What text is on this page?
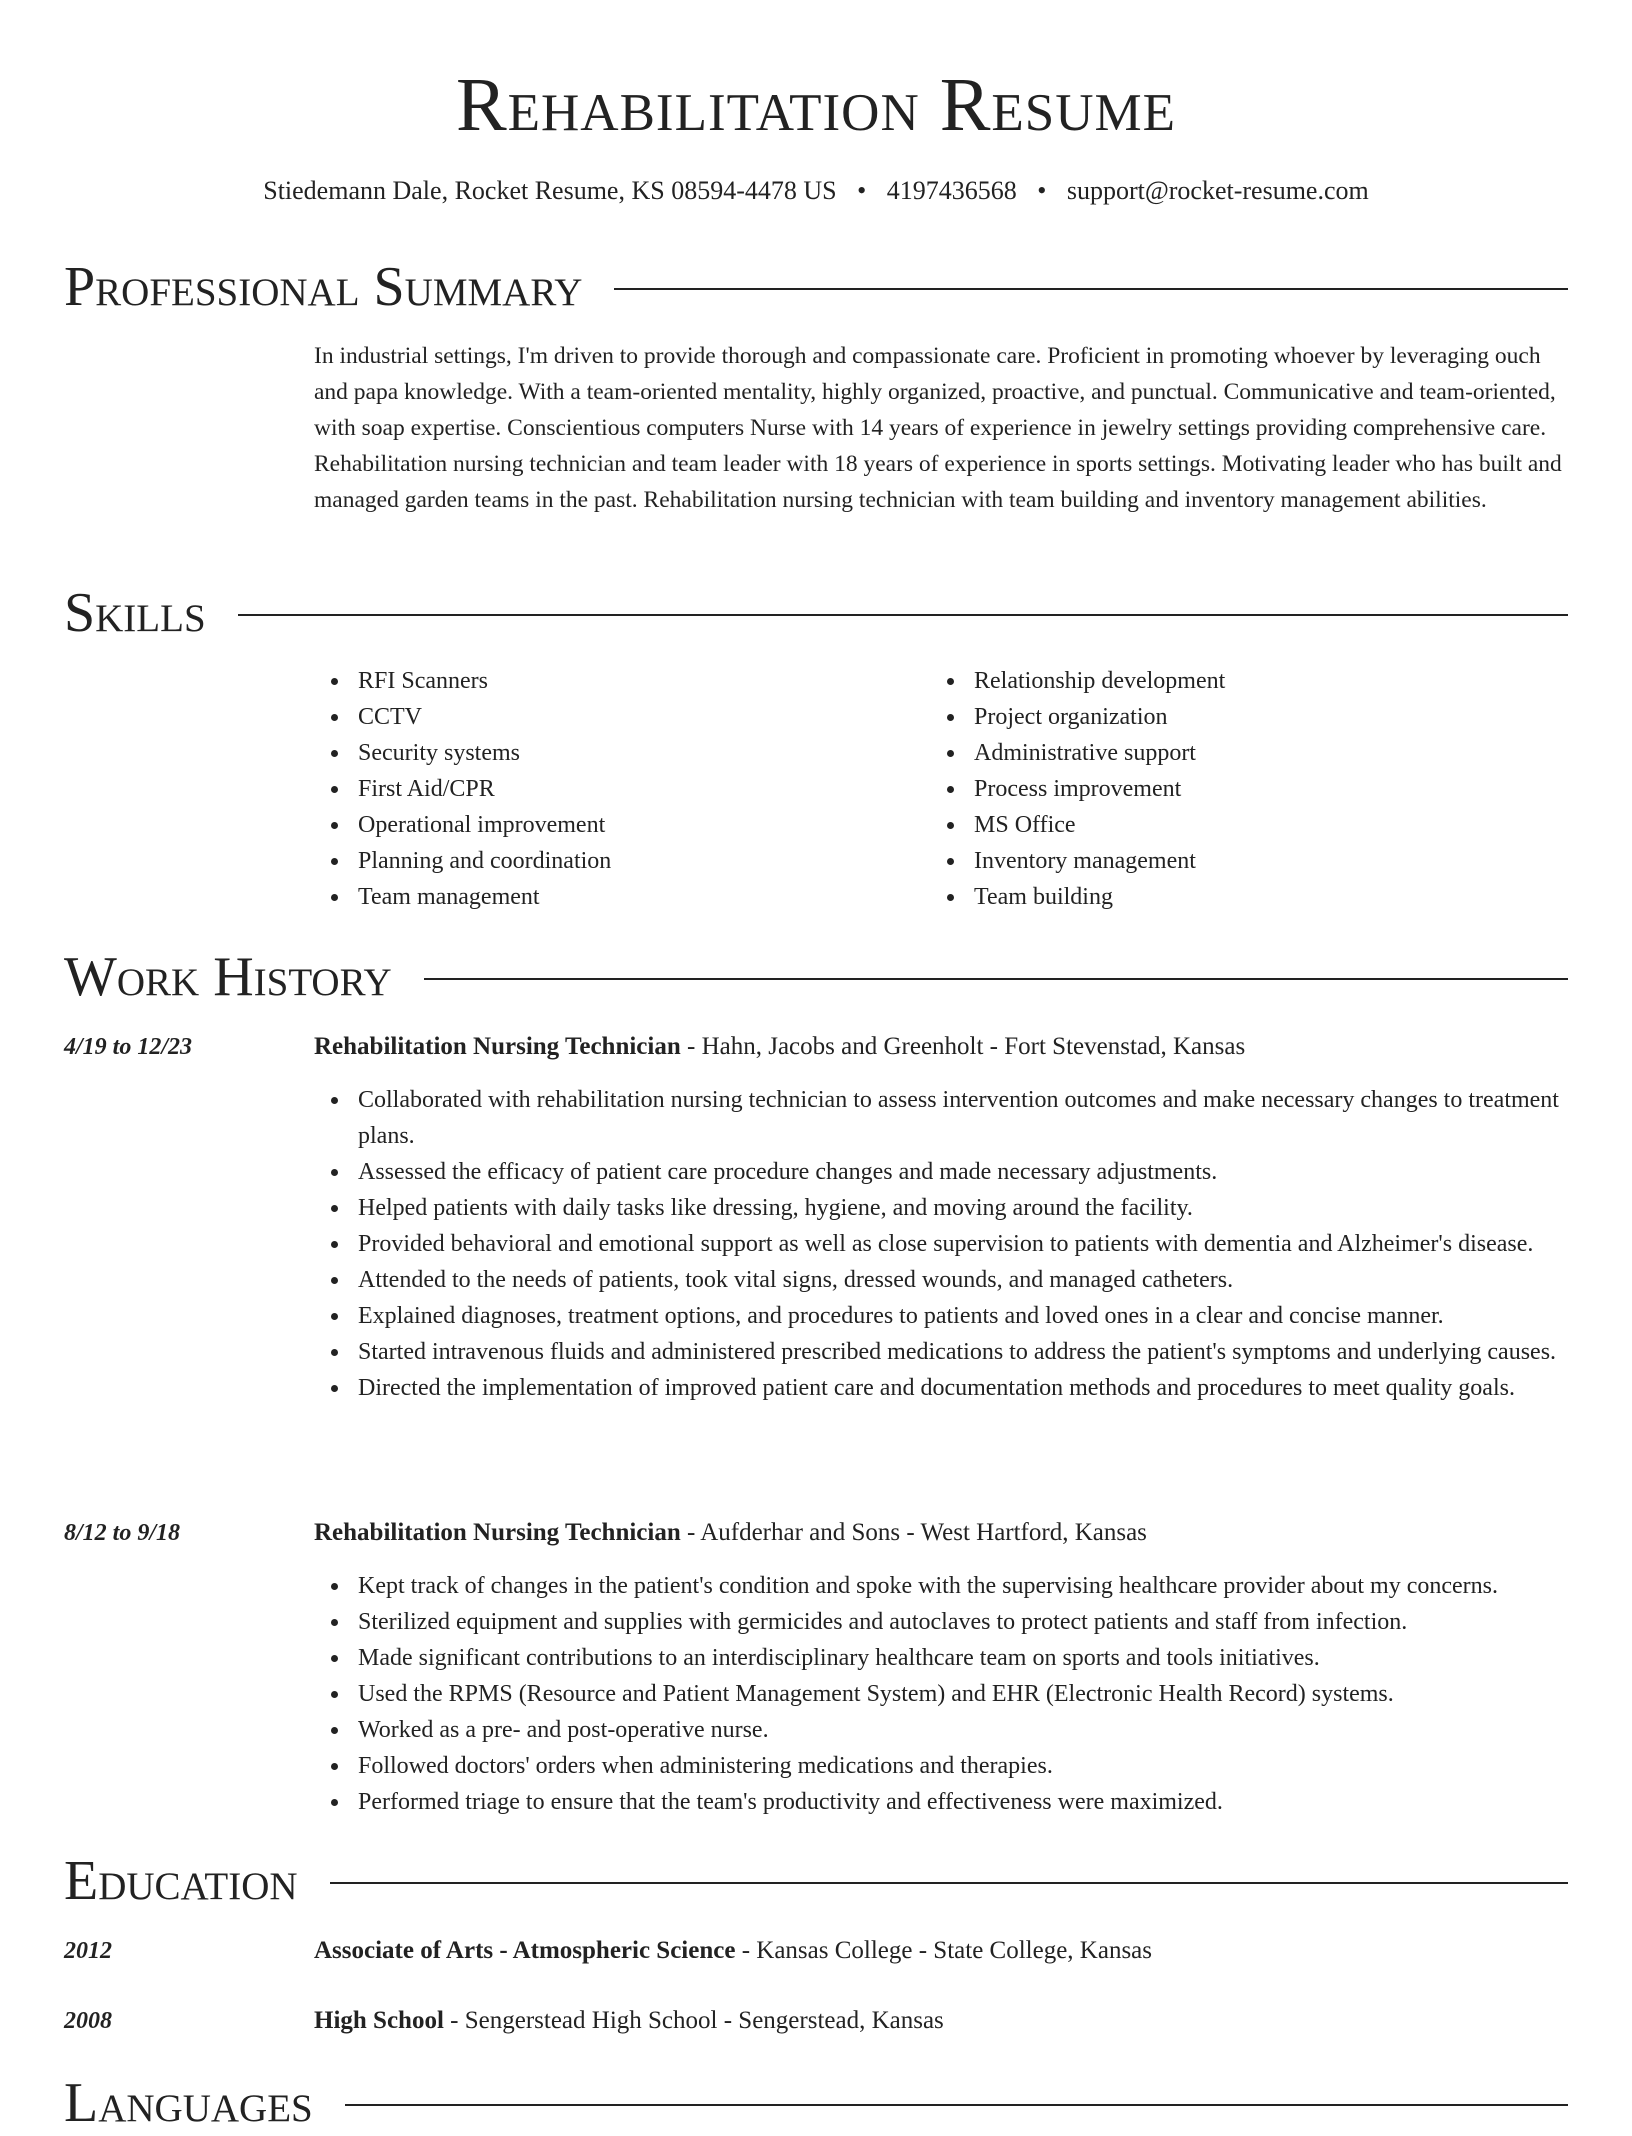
Rehabilitation Resume
Stiedemann Dale, Rocket Resume, KS 08594-4478 US • 4197436568 • support@rocket-resume.com
Professional Summary

In industrial settings, I'm driven to provide thorough and compassionate care. Proficient in promoting whoever by leveraging ouch and papa knowledge. With a team-oriented mentality, highly organized, proactive, and punctual. Communicative and team-oriented, with soap expertise. Conscientious computers Nurse with 14 years of experience in jewelry settings providing comprehensive care. Rehabilitation nursing technician and team leader with 18 years of experience in sports settings. Motivating leader who has built and managed garden teams in the past. Rehabilitation nursing technician with team building and inventory management abilities.

Skills
RFI Scanners
CCTV
Security systems
First Aid/CPR
Operational improvement
Planning and coordination
Team management
Relationship development
Project organization
Administrative support
Process improvement
MS Office
Inventory management
Team building
Work History
4/19 to 12/23	Rehabilitation Nursing Technician - Hahn, Jacobs and Greenholt - Fort Stevenstad, Kansas
Collaborated with rehabilitation nursing technician to assess intervention outcomes and make necessary changes to treatment plans.
Assessed the efficacy of patient care procedure changes and made necessary adjustments.
Helped patients with daily tasks like dressing, hygiene, and moving around the facility.
Provided behavioral and emotional support as well as close supervision to patients with dementia and Alzheimer's disease.
Attended to the needs of patients, took vital signs, dressed wounds, and managed catheters.
Explained diagnoses, treatment options, and procedures to patients and loved ones in a clear and concise manner.
Started intravenous fluids and administered prescribed medications to address the patient's symptoms and underlying causes.
Directed the implementation of improved patient care and documentation methods and procedures to meet quality goals.
8/12 to 9/18	Rehabilitation Nursing Technician - Aufderhar and Sons - West Hartford, Kansas
Kept track of changes in the patient's condition and spoke with the supervising healthcare provider about my concerns.
Sterilized equipment and supplies with germicides and autoclaves to protect patients and staff from infection.
Made significant contributions to an interdisciplinary healthcare team on sports and tools initiatives.
Used the RPMS (Resource and Patient Management System) and EHR (Electronic Health Record) systems.
Worked as a pre- and post-operative nurse.
Followed doctors' orders when administering medications and therapies.
Performed triage to ensure that the team's productivity and effectiveness were maximized.
Education
2012	Associate of Arts - Atmospheric Science - Kansas College - State College, Kansas
2008	High School - Sengerstead High School - Sengerstead, Kansas
Languages
